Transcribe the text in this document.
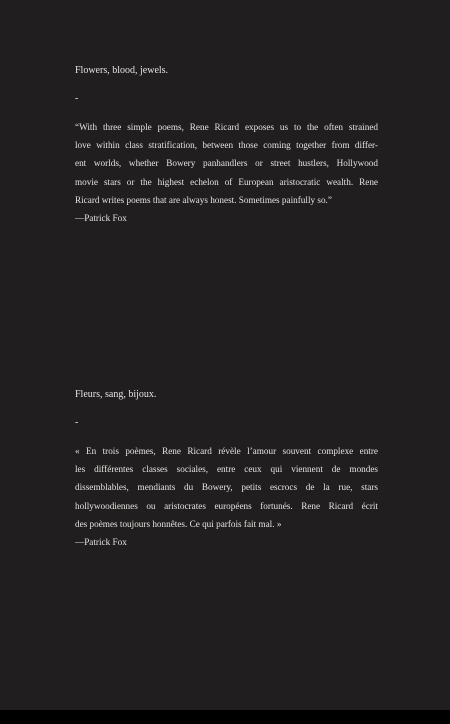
Flowers, blood, jewels.

-
“With three simple poems, Rene Ricard exposes us to the often strained
love within class stratification, between those coming together from differ-
ent worlds, whether Bowery panhandlers or street hustlers, Hollywood
movie stars or the highest echelon of European aristocratic wealth. Rene
Ricard writes poems that are always honest. Sometimes painfully so.”
—Patrick Fox

Fleurs, sang, bijoux.

-
« En trois poèmes, Rene Ricard révèle l’amour souvent complexe entre
les différentes classes sociales, entre ceux qui viennent de mondes
dissemblables, mendiants du Bowery, petits escrocs de la rue, stars
hollywoodiennes ou aristocrates européens fortunés. Rene Ricard écrit
des poèmes toujours honnêtes. Ce qui parfois fait mal. »
—Patrick Fox
